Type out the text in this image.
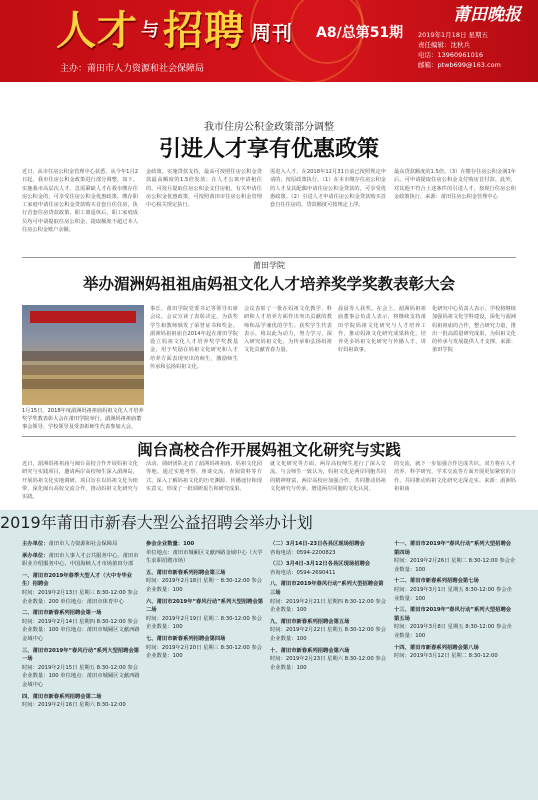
人才 $^与$招聘 周刊
主办：莆田市人力资源和社会保障局
A8/总第51期
莆田晚报
2019年1月18日 星期五
责任编辑：沈秋兵
电话：13960961016
邮箱：ptwb699@163.com
我市住房公积金政策部分调整
引进人才享有优惠政策
近日，从市住房公积金管理中心获悉，从今年1月2日起，我市住房公积金政策进行部分调整，如下。实施我市高层次人才、急需紧缺人才在我市缴存住房公积金的，可享受住房公积金优惠政策。缴存职工家庭申请住房公积金贷款购买首套自住住房，执行首套住房贷款政策。职工离退休后，职工家庭成员均可申请提取住房公积金，提取额度不超过本人住房公积金账户余额。
金政策，实施贷款支持，最高可按照住房公积金贷款最高额度的1.5倍发放；在人才公寓申请租住的，可按月提取住房公积金支付房租。有关申请住房公积金优惠政策，可按照莆田市住房公积金管理中心相关规定执行。
需进入人才，在2018年12月31日前已按照规定申请的，按原政策执行。（1）在本市缴存住房公积金的人才及其配偶申请住房公积金贷款的，可享受优惠政策。（2）引进人才申请住房公积金贷款购买首套自住住房的，贷款额度可按规定上浮。
最高贷款额度的1.5倍。（3）在缴存住房公积金满1年后，可申请提取住房公积金支付购房首付款。此外，对其他不符合上述条件的引进人才，按现行住房公积金政策执行。来源：莆田住房公积金管理中心
莆田学院
举办湄洲妈祖祖庙妈祖文化人才培养奖学奖教表彰大会
1月15日，2018年度湄洲妈祖祖庙妈祖文化人才培养奖学奖教表彰大会在莆田学院举行。湄洲妈祖祖庙董事会领导、学校领导及受表彰师生代表参加大会。
事长、莆田学院党委书记等领导出席会议。会议宣读了表彰决定，为获奖学生和教师颁发了荣誉证书和奖金。湄洲妈祖祖庙自2014年起在莆田学院设立妈祖文化人才培养奖学奖教基金，用于奖励在妈祖文化研究和人才培养方面表现突出的师生，激励师生传承和弘扬妈祖文化。
会议表彰了一批在妈祖文化教学、科研和人才培养方面作出突出贡献的教师和品学兼优的学生。获奖学生代表表示，将以此为动力，努力学习，深入研究妈祖文化，为传承和弘扬妈祖文化贡献青春力量。
晨晨等人获奖。在会上，湄洲妈祖祖庙董事会负责人表示，将继续支持莆田学院妈祖文化研究与人才培养工作，推动妈祖文化研究成果转化，培养更多妈祖文化研究与传播人才，讲好妈祖故事。
化研究中心负责人表示，学校将继续加强妈祖文化学科建设，深化与湄洲妈祖祖庙的合作，整合研究力量，推出一批高质量研究成果，为妈祖文化的传承与发展提供人才支撑。来源：莆田学院
闽台高校合作开展妈祖文化研究与实践
近日，湄洲妈祖祖庙与闽台高校合作开展妈祖文化研究与实践项目，邀请两岸高校师生深入湄洲岛，开展妈祖文化实地调研。项目旨在以妈祖文化为纽带，深化闽台高校交流合作，推动妈祖文化研究与实践。
活动。调研团队走访了湄洲妈祖祖庙、妈祖文化园等地，通过实地考察、座谈交流、查阅资料等方式，深入了解妈祖文化的历史渊源、传播途径和现实意义，形成了一批调研报告和研究成果。
就文化研究等方面，两岸高校师生进行了深入交流。与会师生一致认为，妈祖文化是两岸同胞共同的精神财富，两岸高校应加强合作，共同推动妈祖文化研究与传承，增进两岸同胞的文化认同。
的交流，就下一步加强合作达成共识。双方将在人才培养、科学研究、学术交流等方面开展更加紧密的合作，共同推动妈祖文化研究走深走实。来源：湄洲妈祖祖庙
2019年莆田市新春大型公益招聘会举办计划
主办单位：莆田市人力资源和社会保障局
承办单位：莆田市人事人才公共服务中心、莆田市职业介绍服务中心、中国海峡人才市场莆田分部
一、莆田市2019年春季大型人才（大中专毕业生）招聘会
时间：2019年2月13日 星期三 8:30-12:00 参会企业数量：200 单位地点：莆田市体育中心
二、莆田市新春系列招聘会第一场
时间：2019年2月14日 星期四 8:30-12:00 参会企业数量：100 单位地点：莆田市城厢区文献西路金域中心
三、莆田市2019年“春风行动”系列大型招聘会第一场
时间：2019年2月15日 星期五 8:30-12:00 参会企业数量：100 单位地点：莆田市城厢区文献西路金域中心
四、莆田市新春系列招聘会第二场
时间：2019年2月16日 星期六 8:30-12:00
参会企业数量：100
单位地点：莆田市城厢区文献西路金域中心（大学生求职招聘市场）
五、莆田市新春系列招聘会第三场
时间：2019年2月18日 星期一 8:30-12:00 参会企业数量：100
六、莆田市2019年“春风行动”系列大型招聘会第二场
时间：2019年2月19日 星期二 8:30-12:00 参会企业数量：100
七、莆田市新春系列招聘会第四场
时间：2019年2月20日 星期三 8:30-12:00 参会企业数量：100
（二）3月14日-23日各县区现场招聘会
咨询电话：0594-2200823
（三）3月4日-3月12日各县区现场招聘会
咨询电话：0594-2690411
八、莆田市2019年春风行动“系列大型招聘会第三场
时间：2019年2月21日 星期四 8:30-12:00 参会企业数量：100
九、莆田市新春系列招聘会第五场
时间：2019年2月22日 星期五 8:30-12:00 参会企业数量：100
十、莆田市新春系列招聘会第六场
时间：2019年2月23日 星期六 8:30-12:00 参会企业数量：100
十一、莆田市2019年“春风行动”系列大型招聘会第四场
时间：2019年2月26日 星期二 8:30-12:00 参会企业数量：100
十二、莆田市新春系列招聘会第七场
时间：2019年3月1日 星期五 8:30-12:00 参会企业数量：100
十三、莆田市2019年“春风行动”系列大型招聘会第五场
时间：2019年3月8日 星期五 8:30-12:00 参会企业数量：100
十四、莆田市新春系列招聘会第八场
时间：2019年3月12日 星期二 8:30-12:00
